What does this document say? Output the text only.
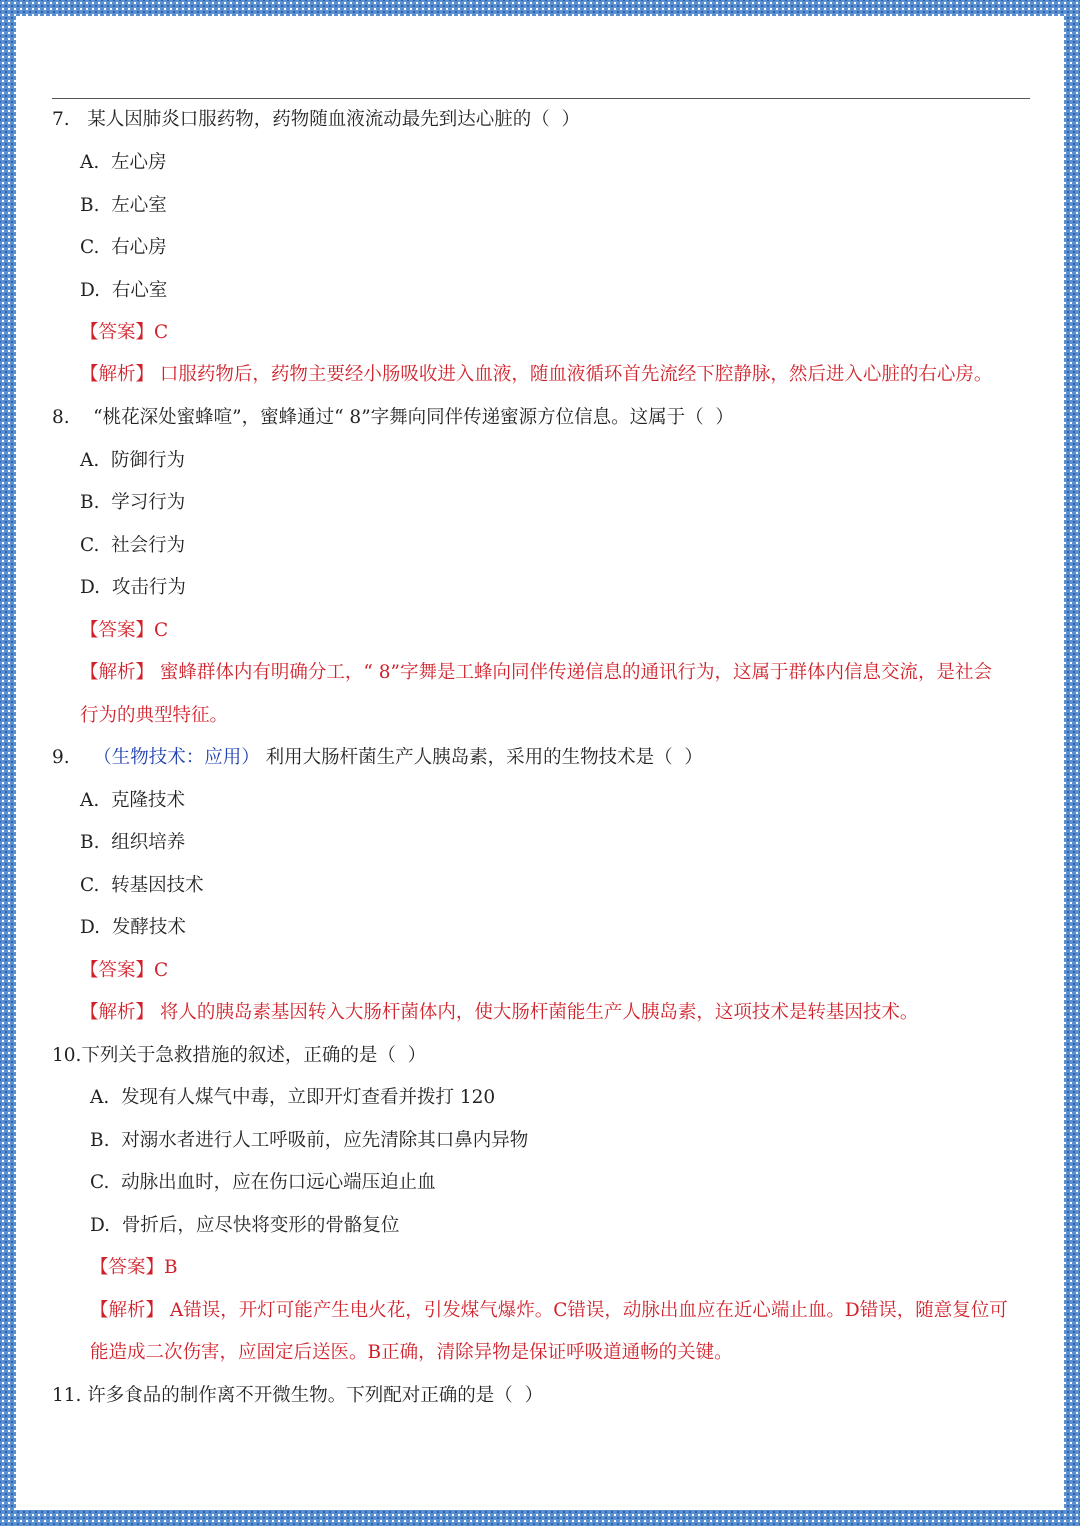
7.   某人因肺炎口服药物，药物随血液流动最先到达心脏的（  ）
A.  左心房
B.  左心室
C.  右心房
D.  右心室
【答案】C
【解析】 口服药物后，药物主要经小肠吸收进入血液，随血液循环首先流经下腔静脉，然后进入心脏的右心房。
8.    “桃花深处蜜蜂喧”，蜜蜂通过“ 8”字舞向同伴传递蜜源方位信息。这属于（  ）
A.  防御行为
B.  学习行为
C.  社会行为
D.  攻击行为
【答案】C
【解析】 蜜蜂群体内有明确分工，“ 8”字舞是工蜂向同伴传递信息的通讯行为，这属于群体内信息交流，是社会
行为的典型特征。
9. （生物技术：应用） 利用大肠杆菌生产人胰岛素，采用的生物技术是（  ）
A.  克隆技术
B.  组织培养
C.  转基因技术
D.  发酵技术
【答案】C
【解析】 将人的胰岛素基因转入大肠杆菌体内，使大肠杆菌能生产人胰岛素，这项技术是转基因技术。
10.下列关于急救措施的叙述，正确的是（  ）
A.  发现有人煤气中毒，立即开灯查看并拨打 120
B.  对溺水者进行人工呼吸前，应先清除其口鼻内异物
C.  动脉出血时，应在伤口远心端压迫止血
D.  骨折后，应尽快将变形的骨骼复位
【答案】B
【解析】 A错误，开灯可能产生电火花，引发煤气爆炸。C错误，动脉出血应在近心端止血。D错误，随意复位可
能造成二次伤害，应固定后送医。B正确，清除异物是保证呼吸道通畅的关键。
11. 许多食品的制作离不开微生物。下列配对正确的是（  ）
